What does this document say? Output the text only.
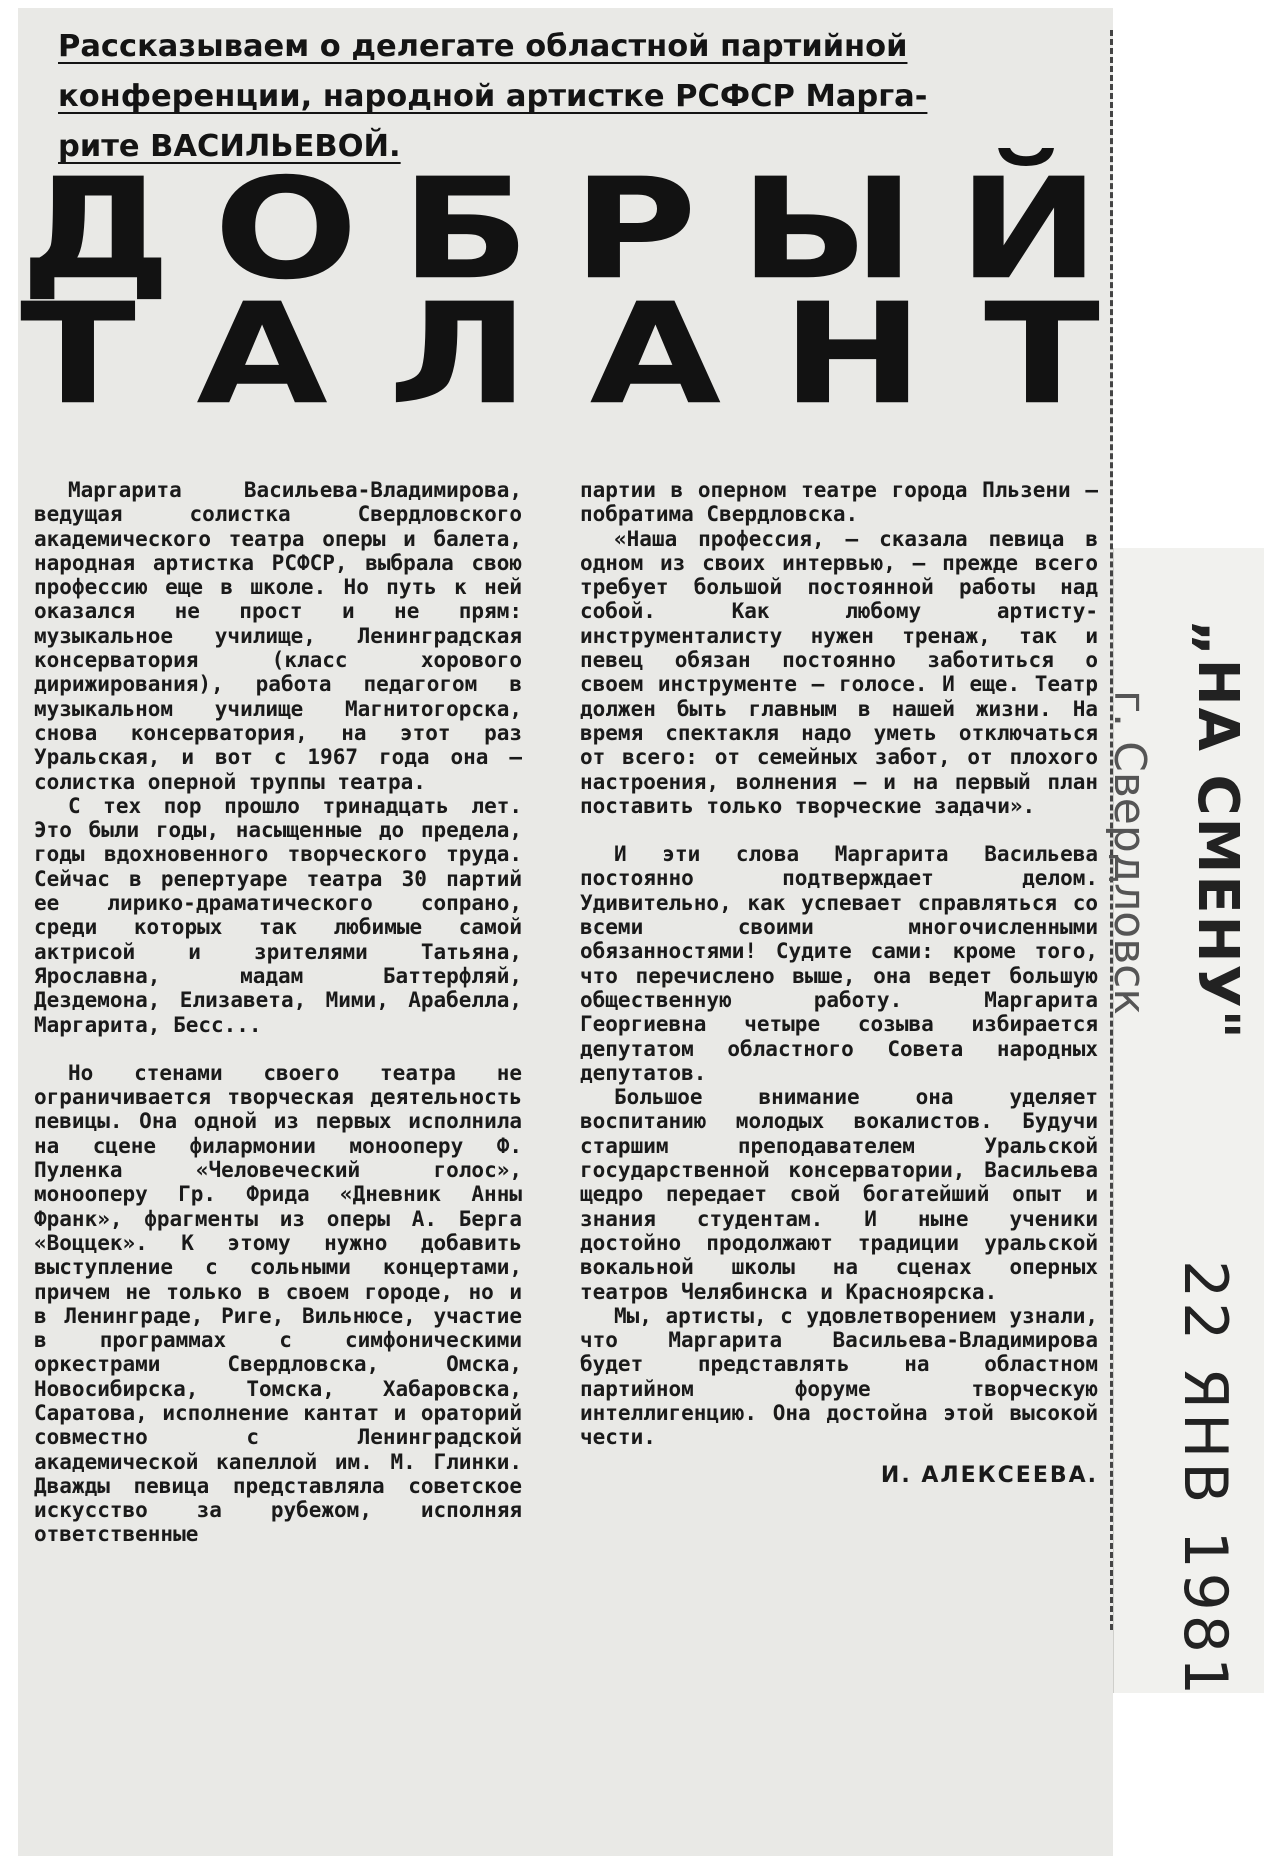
Рассказываем о делегате областной партийной
конференции, народной артистке РСФСР Марга-
рите ВАСИЛЬЕВОЙ.
Д О Б Р Ы Й
Т А Л А Н Т

Маргарита Васильева-Владимирова, ведущая солистка Свердловского академического театра оперы и балета, народная артистка РСФСР, выбрала свою профессию еще в школе. Но путь к ней оказался не прост и не прям: музыкальное училище, Ленинградская консерватория (класс хорового дирижирования), работа педагогом в музыкальном училище Магнитогорска, снова консерватория, на этот раз Уральская, и вот с 1967 года она — солистка оперной труппы театра.

С тех пор прошло тринадцать лет. Это были годы, насыщенные до предела, годы вдохновенного творческого труда. Сейчас в репертуаре театра 30 партий ее лирико-драматического сопрано, среди которых так любимые самой актрисой и зрителями Татьяна, Ярославна, мадам Баттерфляй, Дездемона, Елизавета, Мими, Арабелла, Маргарита, Бесс...

Но стенами своего театра не ограничивается творческая деятельность певицы. Она одной из первых исполнила на сцене филармонии монооперу Ф. Пуленка «Человеческий голос», монооперу Гр. Фрида «Дневник Анны Франк», фрагменты из оперы А. Берга «Воццек». К этому нужно добавить выступление с сольными концертами, причем не только в своем городе, но и в Ленинграде, Риге, Вильнюсе, участие в программах с симфоническими оркестрами Свердловска, Омска, Новосибирска, Томска, Хабаровска, Саратова, исполнение кантат и ораторий совместно с Ленинградской академической капеллой им. М. Глинки. Дважды певица представляла советское искусство за рубежом, исполняя ответственные

партии в оперном театре города Пльзени — побратима Свердловска.

«Наша профессия, — сказала певица в одном из своих интервью, — прежде всего требует большой постоянной работы над собой. Как любому артисту-инструменталисту нужен тренаж, так и певец обязан постоянно заботиться о своем инструменте — голосе. И еще. Театр должен быть главным в нашей жизни. На время спектакля надо уметь отключаться от всего: от семейных забот, от плохого настроения, волнения — и на первый план поставить только творческие задачи».

И эти слова Маргарита Васильева постоянно подтверждает делом. Удивительно, как успевает справляться со всеми своими многочисленными обязанностями! Судите сами: кроме того, что перечислено выше, она ведет большую общественную работу. Маргарита Георгиевна четыре созыва избирается депутатом областного Совета народных депутатов.

Большое внимание она уделяет воспитанию молодых вокалистов. Будучи старшим преподавателем Уральской государственной консерватории, Васильева щедро передает свой богатейший опыт и знания студентам. И ныне ученики достойно продолжают традиции уральской вокальной школы на сценах оперных театров Челябинска и Красноярска.

Мы, артисты, с удовлетворением узнали, что Маргарита Васильева-Владимирова будет представлять на областном партийном форуме творческую интеллигенцию. Она достойна этой высокой чести.

И. АЛЕКСЕЕВА.
„НА СМЕНУ"
г. Свердловск
22 ЯНВ 1981
